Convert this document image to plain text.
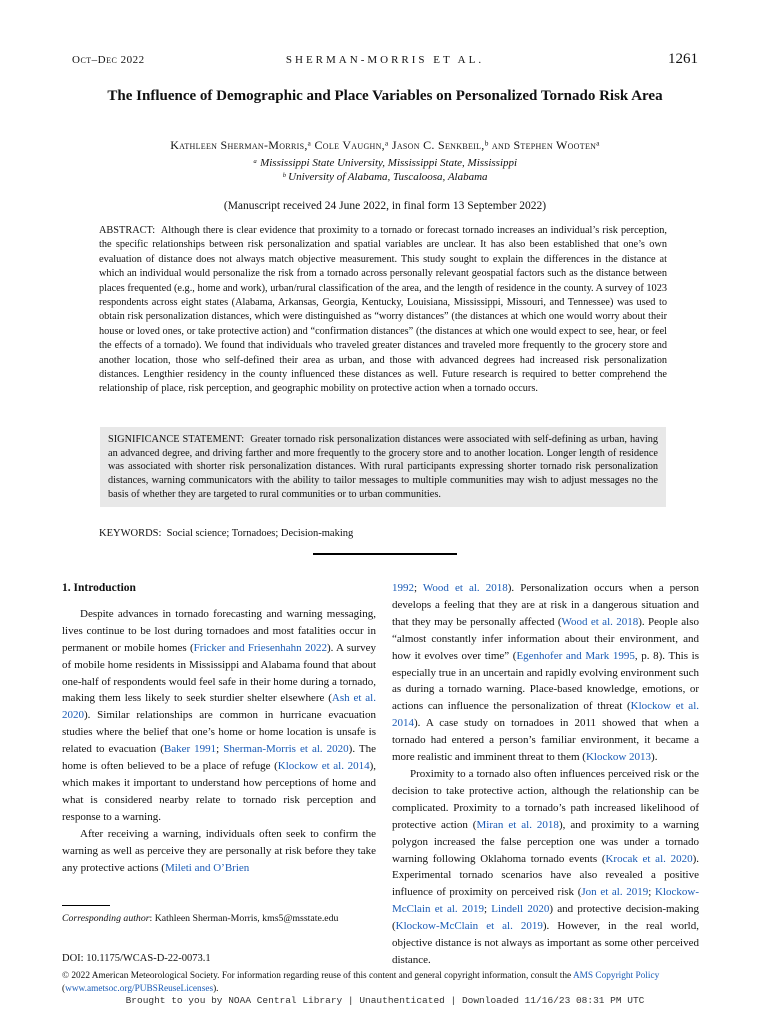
Oct–Dec 2022	SHERMAN-MORRIS ET AL.	1261
The Influence of Demographic and Place Variables on Personalized Tornado Risk Area
Kathleen Sherman-Morris,ᵃ Cole Vaughn,ᵃ Jason C. Senkbeil,ᵇ and Stephen Wootenᵃ
ᵃ Mississippi State University, Mississippi State, Mississippi
ᵇ University of Alabama, Tuscaloosa, Alabama
(Manuscript received 24 June 2022, in final form 13 September 2022)
ABSTRACT: Although there is clear evidence that proximity to a tornado or forecast tornado increases an individual’s risk perception, the specific relationships between risk personalization and spatial variables are unclear. It has also been established that one’s own evaluation of distance does not always match objective measurement. This study sought to explain the differences in the distance at which an individual would personalize the risk from a tornado across personally relevant geospatial factors such as the distance between places frequented (e.g., home and work), urban/rural classification of the area, and the length of residence in the county. A survey of 1023 respondents across eight states (Alabama, Arkansas, Georgia, Kentucky, Louisiana, Mississippi, Missouri, and Tennessee) was used to obtain risk personalization distances, which were distinguished as “worry distances” (the distances at which one would worry about their house or loved ones, or take protective action) and “confirmation distances” (the distances at which one would expect to see, hear, or feel the effects of a tornado). We found that individuals who traveled greater distances and traveled more frequently to the grocery store and another location, those who self-defined their area as urban, and those with advanced degrees had increased risk personalization distances. Lengthier residency in the county influenced these distances as well. Future research is required to better comprehend the relationship of place, risk perception, and geographic mobility on protective action when a tornado occurs.
SIGNIFICANCE STATEMENT: Greater tornado risk personalization distances were associated with self-defining as urban, having an advanced degree, and driving farther and more frequently to the grocery store and to another location. Longer length of residence was associated with shorter risk personalization distances. With rural participants expressing shorter tornado risk personalization distances, warning communicators with the ability to tailor messages to multiple communities may wish to adjust messages no the basis of whether they are targeted to rural communities or to urban communities.
KEYWORDS: Social science; Tornadoes; Decision-making
1. Introduction

Despite advances in tornado forecasting and warning messaging, lives continue to be lost during tornadoes and most fatalities occur in permanent or mobile homes (Fricker and Friesenhahn 2022). A survey of mobile home residents in Mississippi and Alabama found that about one-half of respondents would feel safe in their home during a tornado, making them less likely to seek sturdier shelter elsewhere (Ash et al. 2020). Similar relationships are common in hurricane evacuation studies where the belief that one’s home or home location is unsafe is related to evacuation (Baker 1991; Sherman-Morris et al. 2020). The home is often believed to be a place of refuge (Klockow et al. 2014), which makes it important to understand how perceptions of home and what is considered nearby relate to tornado risk perception and response to a warning.

After receiving a warning, individuals often seek to confirm the warning as well as perceive they are personally at risk before they take any protective actions (Mileti and O’Brien

1992; Wood et al. 2018). Personalization occurs when a person develops a feeling that they are at risk in a dangerous situation and that they may be personally affected (Wood et al. 2018). People also “almost constantly infer information about their environment, and how it evolves over time” (Egenhofer and Mark 1995, p. 8). This is especially true in an uncertain and rapidly evolving environment such as during a tornado warning. Place-based knowledge, emotions, or actions can influence the personalization of threat (Klockow et al. 2014). A case study on tornadoes in 2011 showed that when a tornado had entered a person’s familiar environment, it became a more realistic and imminent threat to them (Klockow 2013).

Proximity to a tornado also often influences perceived risk or the decision to take protective action, although the relationship can be complicated. Proximity to a tornado’s path increased likelihood of protective action (Miran et al. 2018), and proximity to a warning polygon increased the false perception one was under a tornado warning following Oklahoma tornado events (Krocak et al. 2020). Experimental tornado scenarios have also revealed a positive influence of proximity on perceived risk (Jon et al. 2019; Klockow-McClain et al. 2019; Lindell 2020) and protective decision-making (Klockow-McClain et al. 2019). However, in the real world, objective distance is not always as important as some other perceived distance.

Corresponding author: Kathleen Sherman-Morris, kms5@msstate.edu
DOI: 10.1175/WCAS-D-22-0073.1
© 2022 American Meteorological Society. For information regarding reuse of this content and general copyright information, consult the AMS Copyright Policy (www.ametsoc.org/PUBSReuseLicenses).
Brought to you by NOAA Central Library | Unauthenticated | Downloaded 11/16/23 08:31 PM UTC
